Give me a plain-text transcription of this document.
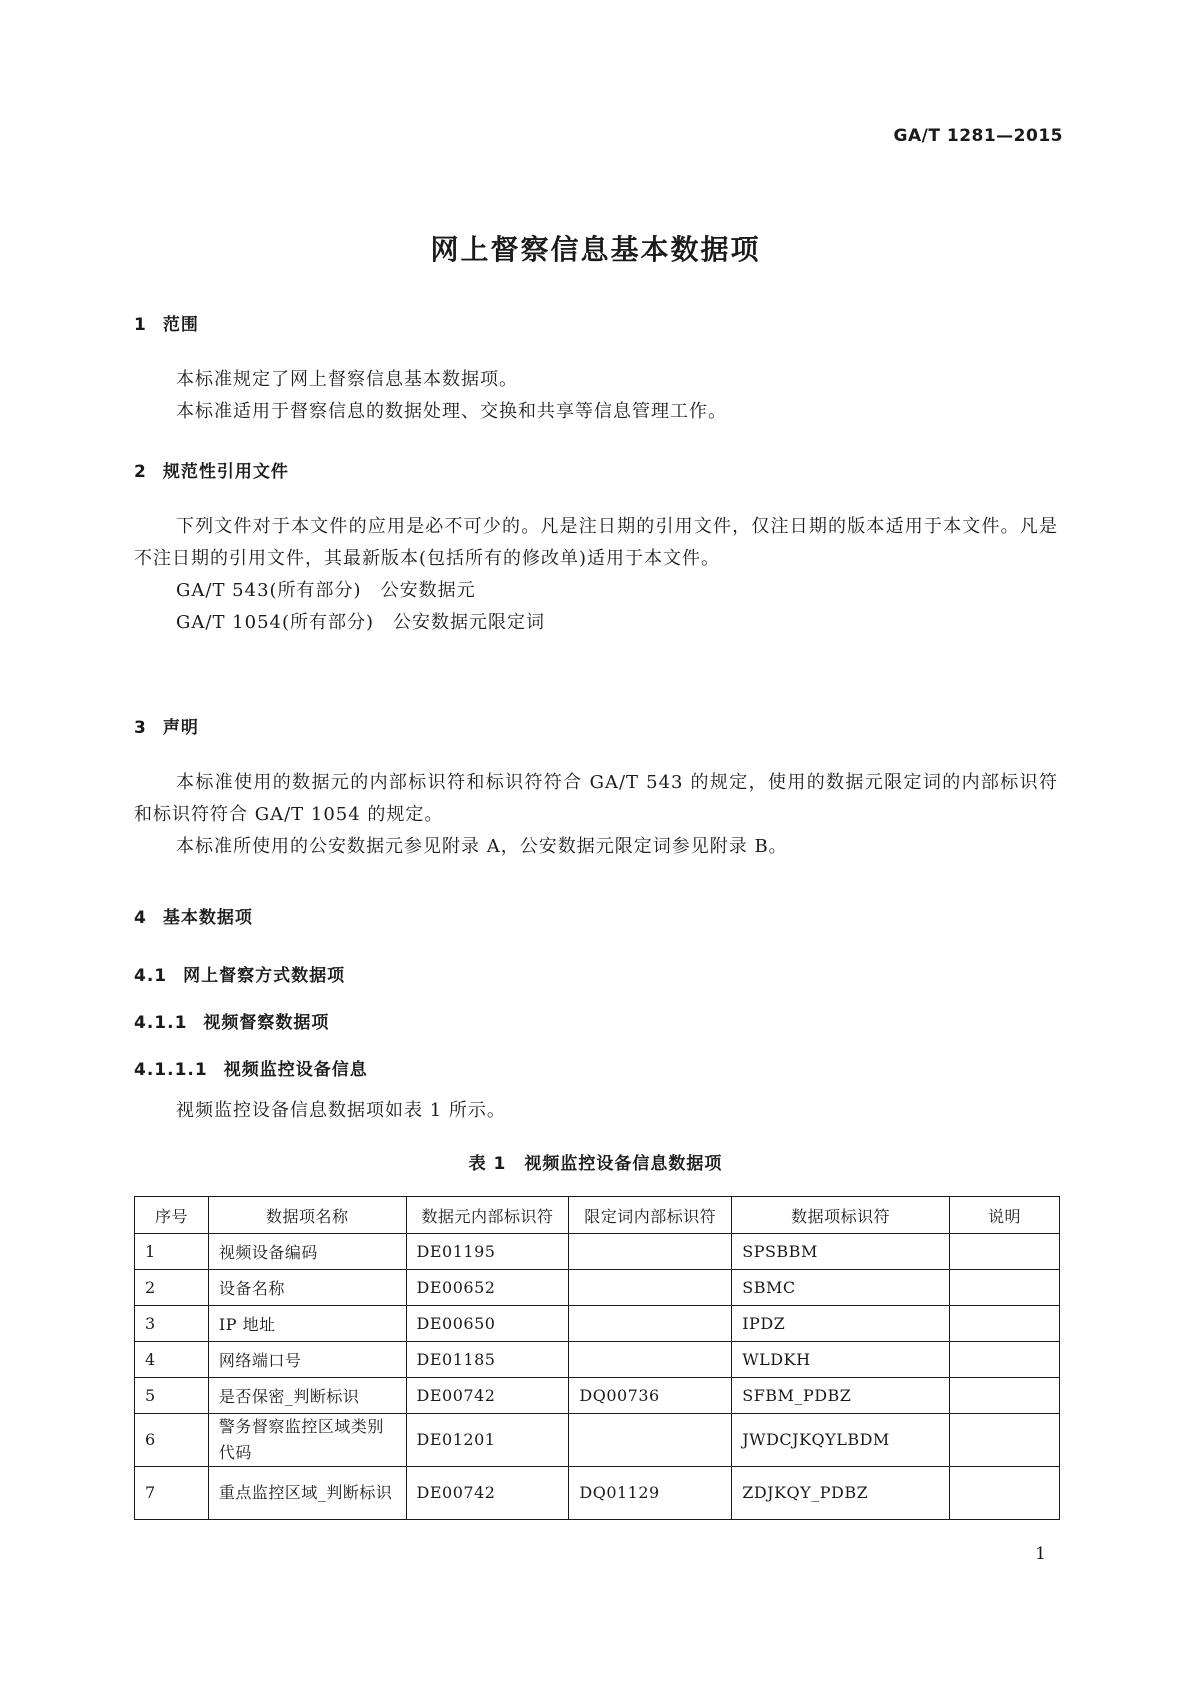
GA/T 1281—2015
网上督察信息基本数据项
1 范围

本标准规定了网上督察信息基本数据项。

本标准适用于督察信息的数据处理、交换和共享等信息管理工作。

2 规范性引用文件

下列文件对于本文件的应用是必不可少的。凡是注日期的引用文件，仅注日期的版本适用于本文件。凡是不注日期的引用文件，其最新版本(包括所有的修改单)适用于本文件。

GA/T 543(所有部分)　公安数据元

GA/T 1054(所有部分)　公安数据元限定词

3 声明

本标准使用的数据元的内部标识符和标识符符合 GA/T 543 的规定，使用的数据元限定词的内部标识符和标识符符合 GA/T 1054 的规定。

本标准所使用的公安数据元参见附录 A，公安数据元限定词参见附录 B。

4 基本数据项
4.1 网上督察方式数据项
4.1.1 视频督察数据项
4.1.1.1 视频监控设备信息

视频监控设备信息数据项如表 1 所示。

表 1　视频监控设备信息数据项
序号	数据项名称	数据元内部标识符	限定词内部标识符	数据项标识符	说明
1	视频设备编码	DE01195		SPSBBM	
2	设备名称	DE00652		SBMC	
3	IP 地址	DE00650		IPDZ	
4	网络端口号	DE01185		WLDKH	
5	是否保密_判断标识	DE00742	DQ00736	SFBM_PDBZ	
6	警务督察监控区域类别代码	DE01201		JWDCJKQYLBDM	
7	重点监控区域_判断标识	DE00742	DQ01129	ZDJKQY_PDBZ	
1
